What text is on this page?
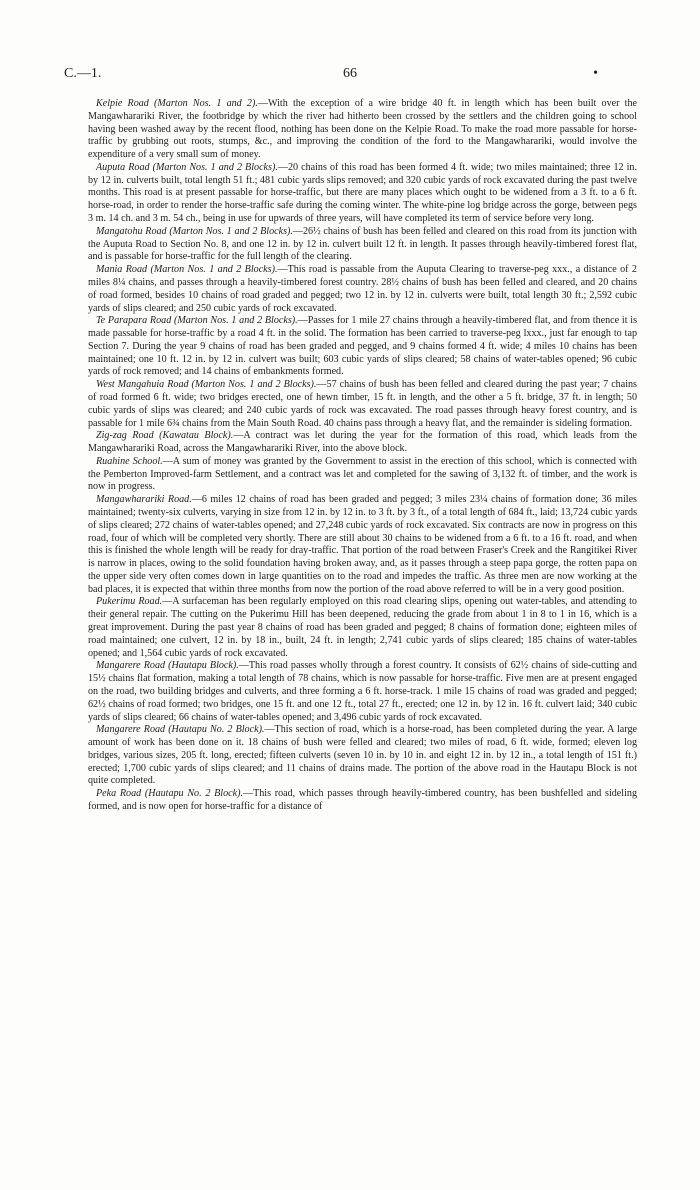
C.—1.	66	•

Kelpie Road (Marton Nos. 1 and 2).—With the exception of a wire bridge 40 ft. in length which has been built over the Mangawharariki River, the footbridge by which the river had hitherto been crossed by the settlers and the children going to school having been washed away by the recent flood, nothing has been done on the Kelpie Road. To make the road more passable for horse-traffic by grubbing out roots, stumps, &c., and improving the condition of the ford to the Mangawharariki, would involve the expenditure of a very small sum of money.

Auputa Road (Marton Nos. 1 and 2 Blocks).—20 chains of this road has been formed 4 ft. wide; two miles maintained; three 12 in. by 12 in. culverts built, total length 51 ft.; 481 cubic yards slips removed; and 320 cubic yards of rock excavated during the past twelve months. This road is at present passable for horse-traffic, but there are many places which ought to be widened from a 3 ft. to a 6 ft. horse-road, in order to render the horse-traffic safe during the coming winter. The white-pine log bridge across the gorge, between pegs 3 m. 14 ch. and 3 m. 54 ch., being in use for upwards of three years, will have completed its term of service before very long.

Mangatohu Road (Marton Nos. 1 and 2 Blocks).—26½ chains of bush has been felled and cleared on this road from its junction with the Auputa Road to Section No. 8, and one 12 in. by 12 in. culvert built 12 ft. in length. It passes through heavily-timbered forest flat, and is passable for horse-traffic for the full length of the clearing.

Mania Road (Marton Nos. 1 and 2 Blocks).—This road is passable from the Auputa Clearing to traverse-peg xxx., a distance of 2 miles 8¼ chains, and passes through a heavily-timbered forest country. 28½ chains of bush has been felled and cleared, and 20 chains of road formed, besides 10 chains of road graded and pegged; two 12 in. by 12 in. culverts were built, total length 30 ft.; 2,592 cubic yards of slips cleared; and 250 cubic yards of rock excavated.

Te Parapara Road (Marton Nos. 1 and 2 Blocks).—Passes for 1 mile 27 chains through a heavily-timbered flat, and from thence it is made passable for horse-traffic by a road 4 ft. in the solid. The formation has been carried to traverse-peg lxxx., just far enough to tap Section 7. During the year 9 chains of road has been graded and pegged, and 9 chains formed 4 ft. wide; 4 miles 10 chains has been maintained; one 10 ft. 12 in. by 12 in. culvert was built; 603 cubic yards of slips cleared; 58 chains of water-tables opened; 96 cubic yards of rock removed; and 14 chains of embankments formed.

West Mangahuia Road (Marton Nos. 1 and 2 Blocks).—57 chains of bush has been felled and cleared during the past year; 7 chains of road formed 6 ft. wide; two bridges erected, one of hewn timber, 15 ft. in length, and the other a 5 ft. bridge, 37 ft. in length; 50 cubic yards of slips was cleared; and 240 cubic yards of rock was excavated. The road passes through heavy forest country, and is passable for 1 mile 6¾ chains from the Main South Road. 40 chains pass through a heavy flat, and the remainder is sideling formation.

Zig-zag Road (Kawatau Block).—A contract was let during the year for the formation of this road, which leads from the Mangawharariki Road, across the Mangawharariki River, into the above block.

Ruahine School.—A sum of money was granted by the Government to assist in the erection of this school, which is connected with the Pemberton Improved-farm Settlement, and a contract was let and completed for the sawing of 3,132 ft. of timber, and the work is now in progress.

Mangawharariki Road.—6 miles 12 chains of road has been graded and pegged; 3 miles 23¼ chains of formation done; 36 miles maintained; twenty-six culverts, varying in size from 12 in. by 12 in. to 3 ft. by 3 ft., of a total length of 684 ft., laid; 13,724 cubic yards of slips cleared; 272 chains of water-tables opened; and 27,248 cubic yards of rock excavated. Six contracts are now in progress on this road, four of which will be completed very shortly. There are still about 30 chains to be widened from a 6 ft. to a 16 ft. road, and when this is finished the whole length will be ready for dray-traffic. That portion of the road between Fraser's Creek and the Rangitikei River is narrow in places, owing to the solid foundation having broken away, and, as it passes through a steep papa gorge, the rotten papa on the upper side very often comes down in large quantities on to the road and impedes the traffic. As three men are now working at the bad places, it is expected that within three months from now the portion of the road above referred to will be in a very good position.

Pukerimu Road.—A surfaceman has been regularly employed on this road clearing slips, opening out water-tables, and attending to their general repair. The cutting on the Pukerimu Hill has been deepened, reducing the grade from about 1 in 8 to 1 in 16, which is a great improvement. During the past year 8 chains of road has been graded and pegged; 8 chains of formation done; eighteen miles of road maintained; one culvert, 12 in. by 18 in., built, 24 ft. in length; 2,741 cubic yards of slips cleared; 185 chains of water-tables opened; and 1,564 cubic yards of rock excavated.

Mangarere Road (Hautapu Block).—This road passes wholly through a forest country. It consists of 62½ chains of side-cutting and 15½ chains flat formation, making a total length of 78 chains, which is now passable for horse-traffic. Five men are at present engaged on the road, two building bridges and culverts, and three forming a 6 ft. horse-track. 1 mile 15 chains of road was graded and pegged; 62½ chains of road formed; two bridges, one 15 ft. and one 12 ft., total 27 ft., erected; one 12 in. by 12 in. 16 ft. culvert laid; 340 cubic yards of slips cleared; 66 chains of water-tables opened; and 3,496 cubic yards of rock excavated.

Mangarere Road (Hautapu No. 2 Block).—This section of road, which is a horse-road, has been completed during the year. A large amount of work has been done on it. 18 chains of bush were felled and cleared; two miles of road, 6 ft. wide, formed; eleven log bridges, various sizes, 205 ft. long, erected; fifteen culverts (seven 10 in. by 10 in. and eight 12 in. by 12 in., a total length of 151 ft.) erected; 1,700 cubic yards of slips cleared; and 11 chains of drains made. The portion of the above road in the Hautapu Block is not quite completed.

Peka Road (Hautapu No. 2 Block).—This road, which passes through heavily-timbered country, has been bushfelled and sideling formed, and is now open for horse-traffic for a distance of
